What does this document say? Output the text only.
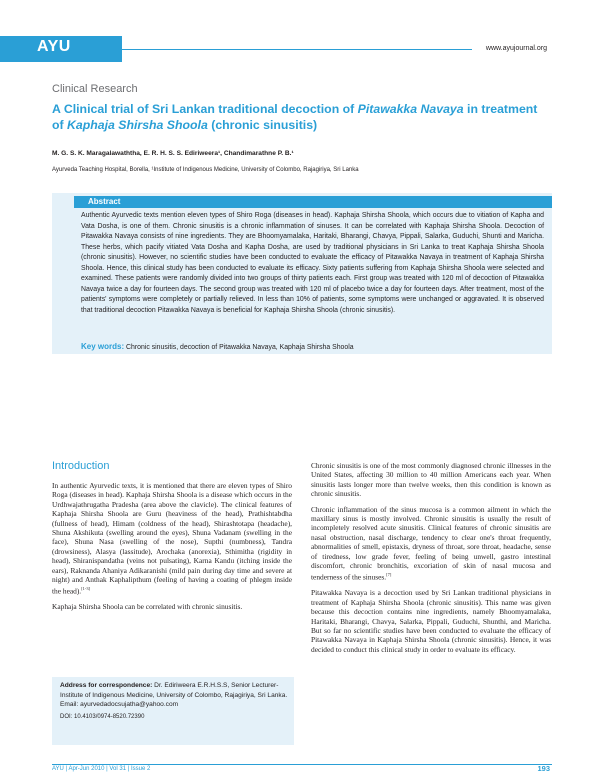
AYU	www.ayujournal.org
Clinical Research
A Clinical trial of Sri Lankan traditional decoction of Pitawakka Navaya in treatment of Kaphaja Shirsha Shoola (chronic sinusitis)
M. G. S. K. Maragalawaththa, E. R. H. S. S. Ediriweera¹, Chandimarathne P. B.¹
Ayurveda Teaching Hospital, Borella, ¹Institute of Indigenous Medicine, University of Colombo, Rajagiriya, Sri Lanka
Abstract
Authentic Ayurvedic texts mention eleven types of Shiro Roga (diseases in head). Kaphaja Shirsha Shoola, which occurs due to vitiation of Kapha and Vata Dosha, is one of them. Chronic sinusitis is a chronic inflammation of sinuses. It can be correlated with Kaphaja Shirsha Shoola. Decoction of Pitawakka Navaya consists of nine ingredients. They are Bhoomyamalaka, Haritaki, Bharangi, Chavya, Pippali, Salarka, Guduchi, Shunti and Maricha. These herbs, which pacify vitiated Vata Dosha and Kapha Dosha, are used by traditional physicians in Sri Lanka to treat Kaphaja Shirsha Shoola (chronic sinusitis). However, no scientific studies have been conducted to evaluate the efficacy of Pitawakka Navaya in treatment of Kaphaja Shirsha Shoola. Hence, this clinical study has been conducted to evaluate its efficacy. Sixty patients suffering from Kaphaja Shirsha Shoola were selected and examined. These patients were randomly divided into two groups of thirty patients each. First group was treated with 120 ml of decoction of Pitawakka Navaya twice a day for fourteen days. The second group was treated with 120 ml of placebo twice a day for fourteen days. After treatment, most of the patients' symptoms were completely or partially relieved. In less than 10% of patients, some symptoms were unchanged or aggravated. It is observed that traditional decoction Pitawakka Navaya is beneficial for Kaphaja Shirsha Shoola (chronic sinusitis).
Key words: Chronic sinusitis, decoction of Pitawakka Navaya, Kaphaja Shirsha Shoola
Introduction

In authentic Ayurvedic texts, it is mentioned that there are eleven types of Shiro Roga (diseases in head). Kaphaja Shirsha Shoola is a disease which occurs in the Urdhwajathrugatha Pradesha (area above the clavicle). The clinical features of Kaphaja Shirsha Shoola are Guru (heaviness of the head), Prathishtabdha (fullness of head), Himam (coldness of the head), Shirashtotapa (headache), Shuna Akshikuta (swelling around the eyes), Shuna Vadanam (swelling in the face), Shuna Nasa (swelling of the nose), Supthi (numbness), Tandra (drowsiness), Alasya (lassitude), Arochaka (anorexia), Sthimitha (rigidity in head), Shiranispandatha (veins not pulsating), Karna Kandu (itching inside the ears), Raknanda Ahaniya Adikaranishi (mild pain during day time and severe at night) and Anthak Kaphalipthum (feeling of having a coating of phlegm inside the head).[1-3]

Kaphaja Shirsha Shoola can be correlated with chronic sinusitis.

Chronic sinusitis is one of the most commonly diagnosed chronic illnesses in the United States, affecting 30 million to 40 million Americans each year. When sinusitis lasts longer more than twelve weeks, then this condition is known as chronic sinusitis.

Chronic inflammation of the sinus mucosa is a common ailment in which the maxillary sinus is mostly involved. Chronic sinusitis is usually the result of incompletely resolved acute sinusitis. Clinical features of chronic sinusitis are nasal obstruction, nasal discharge, tendency to clear one's throat frequently, abnormalities of smell, epistaxis, dryness of throat, sore throat, headache, sense of tiredness, low grade fever, feeling of being unwell, gastro intestinal discomfort, chronic bronchitis, excoriation of skin of nasal mucosa and tenderness of the sinuses.[7]

Pitawakka Navaya is a decoction used by Sri Lankan traditional physicians in treatment of Kaphaja Shirsha Shoola (chronic sinusitis). This name was given because this decoction contains nine ingredients, namely Bhoomyamalaka, Haritaki, Bharangi, Chavya, Salarka, Pippali, Guduchi, Shunthi, and Maricha. But so far no scientific studies have been conducted to evaluate the efficacy of Pitawakka Navaya in Kaphaja Shirsha Shoola (chronic sinusitis). Hence, it was decided to conduct this clinical study in order to evaluate its efficacy.

Address for correspondence: Dr. Ediriweera E.R.H.S.S, Senior Lecturer-Institute of Indigenous Medicine, University of Colombo, Rajagiriya, Sri Lanka.
Email: ayurvedadocsujatha@yahoo.com
DOI: 10.4103/0974-8520.72390
AYU | Apr-Jun 2010 | Vol 31 | Issue 2	193
